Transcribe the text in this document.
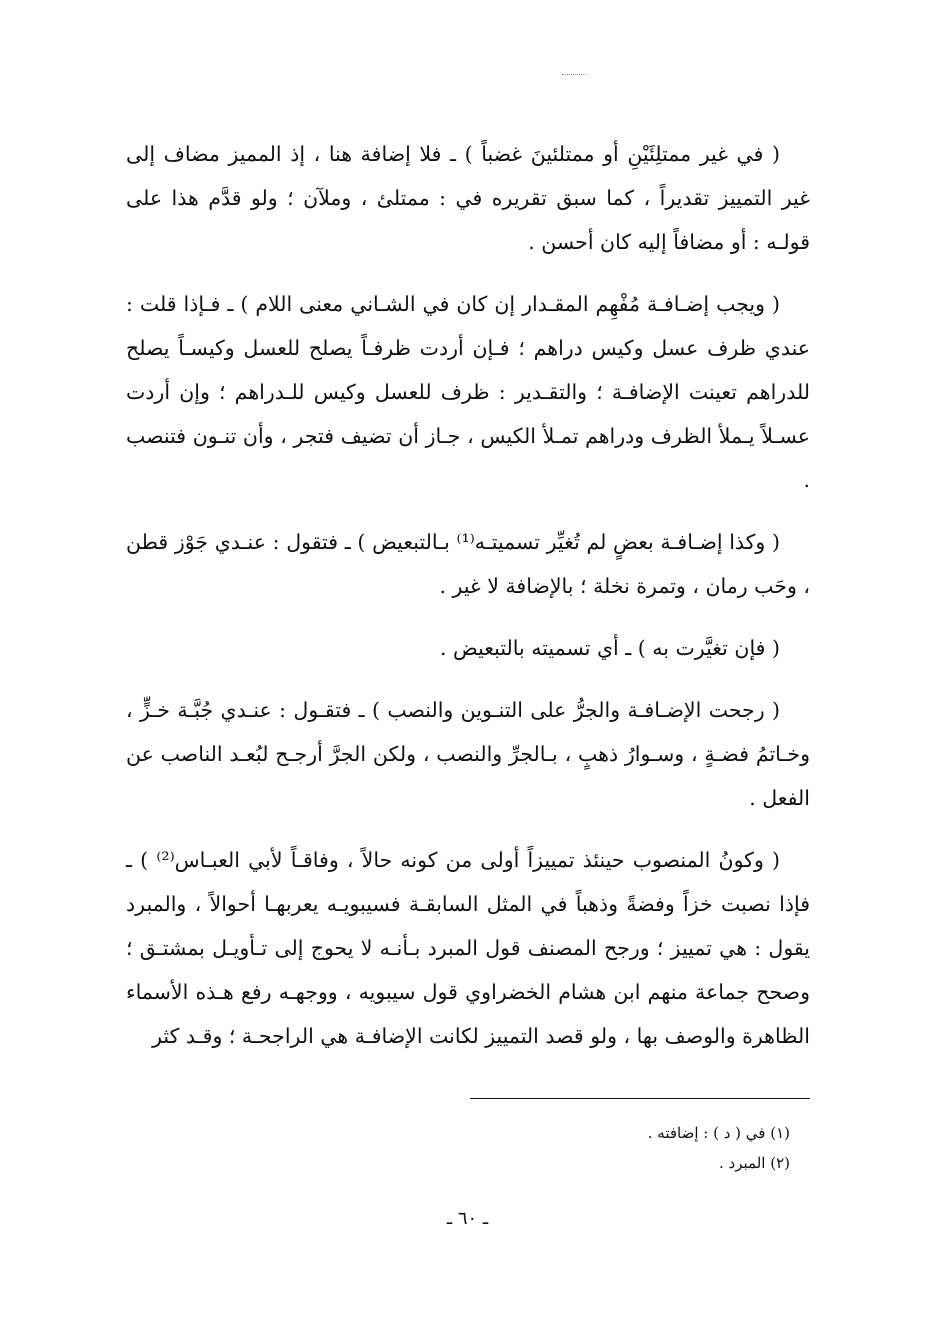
( في غير ممتلِئَيْنِ أو ممتلئينَ غضباً ) ـ فلا إضافة هنا ، إذ المميز مضاف إلى غير التمييز تقديراً ، كما سبق تقريره في : ممتلئ ، وملآن ؛ ولو قدَّم هذا على قولـه : أو مضافاً إليه كان أحسن .

( ويجب إضـافـة مُفْهِم المقـدار إن كان في الشـاني معنى اللام ) ـ فـإذا قلت : عندي ظرف عسل وكيس دراهم ؛ فـإن أردت ظرفـاً يصلح للعسل وكيسـاً يصلح للدراهم تعينت الإضافـة ؛ والتقـدير : ظرف للعسل وكيس للـدراهم ؛ وإن أردت عسـلاً يـملأ الظرف ودراهم تمـلأ الكيس ، جـاز أن تضيف فتجر ، وأن تنـون فتنصب .

( وكذا إضـافـة بعضٍ لم تُغيِّر تسميتـه⁽¹⁾ بـالتبعيض ) ـ فتقول : عنـدي جَوْز قطن ، وحَب رمان ، وتمرة نخلة ؛ بالإضافة لا غير .

( فإن تغيَّرت به ) ـ أي تسميته بالتبعيض .

( رجحت الإضـافـة والجرُّ على التنـوين والنصب ) ـ فتقـول : عنـدي جُبَّـة خـزٍّ ، وخـاتمُ فضـةٍ ، وسـوارُ ذهبٍ ، بـالجرِّ والنصب ، ولكن الجرَّ أرجـح لبُعـد الناصب عن الفعل .

( وكونُ المنصوب حينئذ تمييزاً أولى من كونه حالاً ، وفاقـاً لأبي العبـاس⁽²⁾ ) ـ فإذا نصبت خزاً وفضةً وذهباً في المثل السابقـة فسيبويـه يعربهـا أحوالاً ، والمبرد يقول : هي تمييز ؛ ورجح المصنف قول المبرد بـأنـه لا يحوج إلى تـأويـل بمشتـق ؛ وصحح جماعة منهم ابن هشام الخضراوي قول سيبويه ، ووجهـه رفع هـذه الأسماء الظاهرة والوصف بها ، ولو قصد التمييز لكانت الإضافـة هي الراجحـة ؛ وقـد كثر

(١) في ( د ) : إضافته .

(٢) المبرد .

ـ ٦٠ ـ
